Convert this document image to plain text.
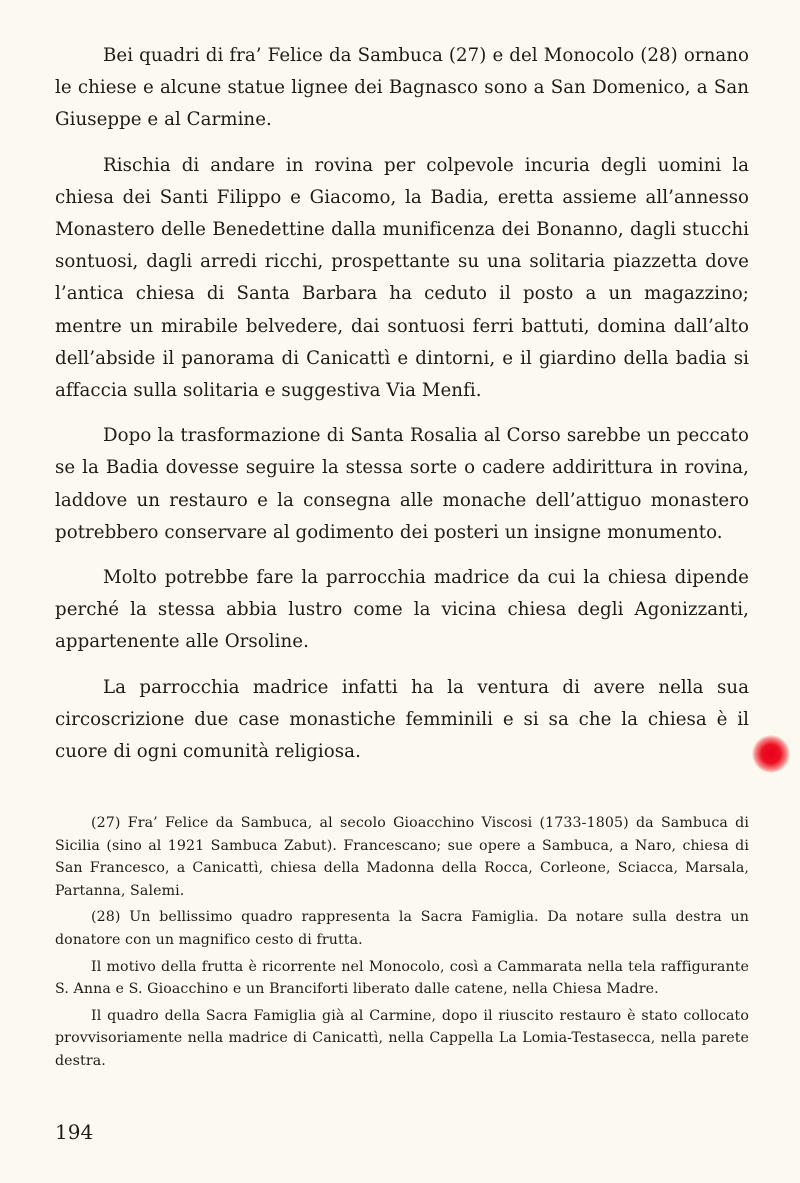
Bei quadri di fra’ Felice da Sambuca (27) e del Monocolo (28) ornano le chiese e alcune statue lignee dei Bagnasco sono a San Domenico, a San Giuseppe e al Carmine.

Rischia di andare in rovina per colpevole incuria degli uomini la chiesa dei Santi Filippo e Giacomo, la Badia, eretta assieme all’annesso Monastero delle Benedettine dalla munificenza dei Bonanno, dagli stucchi sontuosi, dagli arredi ricchi, prospettante su una solitaria piazzetta dove l’antica chiesa di Santa Barbara ha ceduto il posto a un magazzino; mentre un mirabile belvedere, dai sontuosi ferri battuti, domina dall’alto dell’abside il panorama di Canicattì e dintorni, e il giardino della badia si affaccia sulla solitaria e suggestiva Via Menfi.

Dopo la trasformazione di Santa Rosalia al Corso sarebbe un peccato se la Badia dovesse seguire la stessa sorte o cadere addirittura in rovina, laddove un restauro e la consegna alle monache dell’attiguo monastero potrebbero conservare al godimento dei posteri un insigne monumento.

Molto potrebbe fare la parrocchia madrice da cui la chiesa dipende perché la stessa abbia lustro come la vicina chiesa degli Agonizzanti, appartenente alle Orsoline.

La parrocchia madrice infatti ha la ventura di avere nella sua circoscrizione due case monastiche femminili e si sa che la chiesa è il cuore di ogni comunità religiosa.

(27) Fra’ Felice da Sambuca, al secolo Gioacchino Viscosi (1733-1805) da Sambuca di Sicilia (sino al 1921 Sambuca Zabut). Francescano; sue opere a Sambuca, a Naro, chiesa di San Francesco, a Canicattì, chiesa della Madonna della Rocca, Corleone, Sciacca, Marsala, Partanna, Salemi.

(28) Un bellissimo quadro rappresenta la Sacra Famiglia. Da notare sulla destra un donatore con un magnifico cesto di frutta.

Il motivo della frutta è ricorrente nel Monocolo, così a Cammarata nella tela raffigurante S. Anna e S. Gioacchino e un Branciforti liberato dalle catene, nella Chiesa Madre.

Il quadro della Sacra Famiglia già al Carmine, dopo il riuscito restauro è stato collocato provvisoriamente nella madrice di Canicattì, nella Cappella La Lomia-Testasecca, nella parete destra.

194
